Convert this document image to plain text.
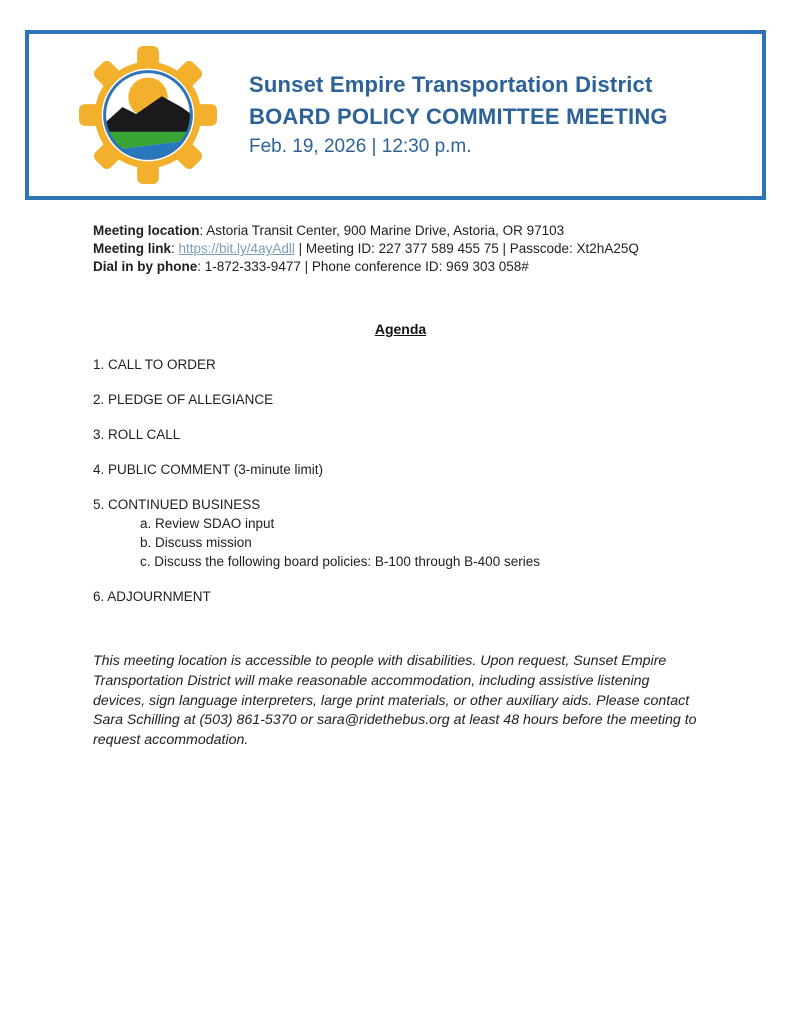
Sunset Empire Transportation District
BOARD POLICY COMMITTEE MEETING
Feb. 19, 2026 | 12:30 p.m.

Meeting location: Astoria Transit Center, 900 Marine Drive, Astoria, OR 97103

Meeting link: https://bit.ly/4ayAdll | Meeting ID: 227 377 589 455 75 | Passcode: Xt2hA25Q

Dial in by phone: 1-872-333-9477 | Phone conference ID: 969 303 058#

Agenda

1. CALL TO ORDER

2. PLEDGE OF ALLEGIANCE

3. ROLL CALL

4. PUBLIC COMMENT (3-minute limit)

5. CONTINUED BUSINESS

a. Review SDAO input

b. Discuss mission

c. Discuss the following board policies: B-100 through B-400 series

6. ADJOURNMENT

This meeting location is accessible to people with disabilities. Upon request, Sunset Empire Transportation District will make reasonable accommodation, including assistive listening devices, sign language interpreters, large print materials, or other auxiliary aids. Please contact Sara Schilling at (503) 861-5370 or sara@ridethebus.org at least 48 hours before the meeting to request accommodation.
